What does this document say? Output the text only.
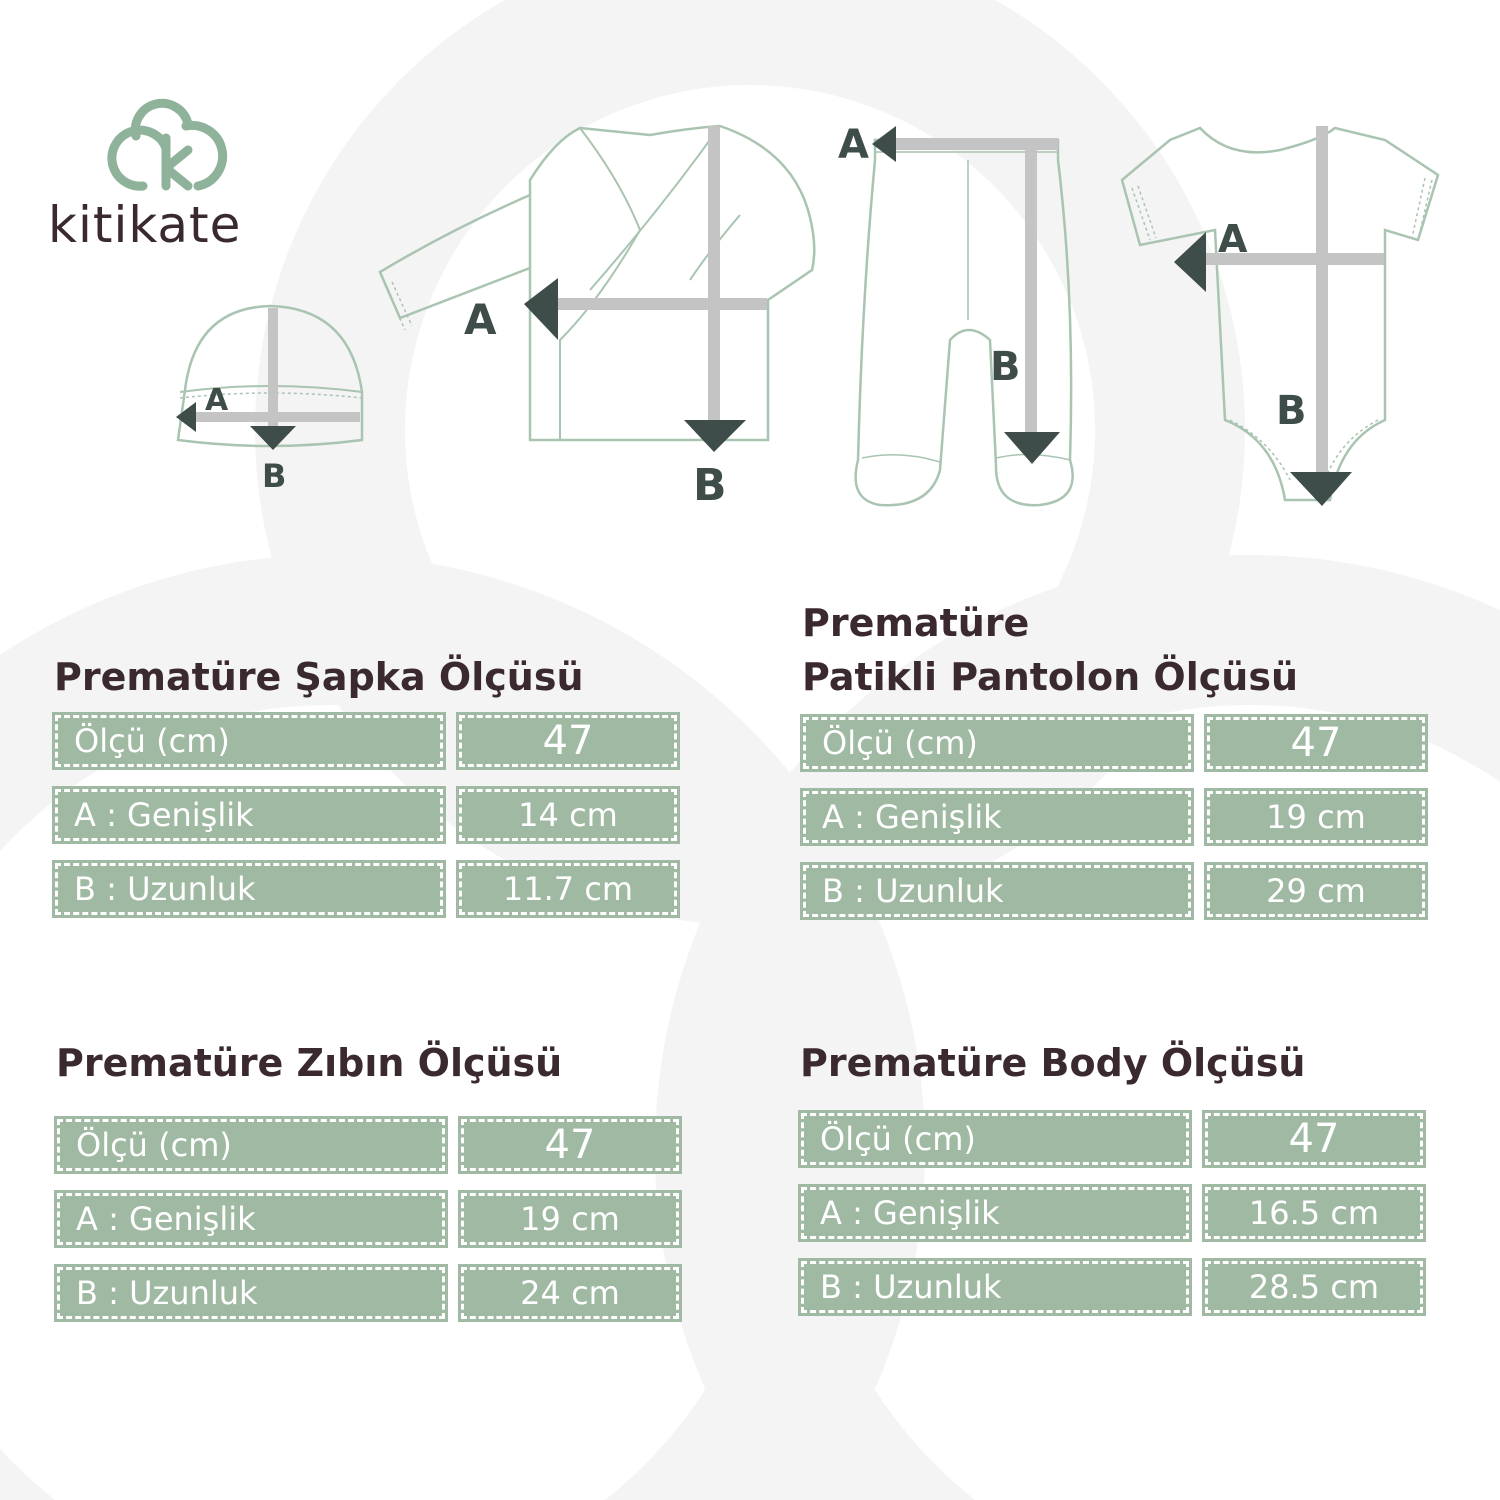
kitikate
A
B
A
B
A
B
A
B
Prematüre Şapka Ölçüsü
Ölçü (cm)	47
A : Genişlik	14 cm
B : Uzunluk	11.7 cm
Prematüre
Patikli Pantolon Ölçüsü
Ölçü (cm)	47
A : Genişlik	19 cm
B : Uzunluk	29 cm
Prematüre Zıbın Ölçüsü
Ölçü (cm)	47
A : Genişlik	19 cm
B : Uzunluk	24 cm
Prematüre Body Ölçüsü
Ölçü (cm)	47
A : Genişlik	16.5 cm
B : Uzunluk	28.5 cm
